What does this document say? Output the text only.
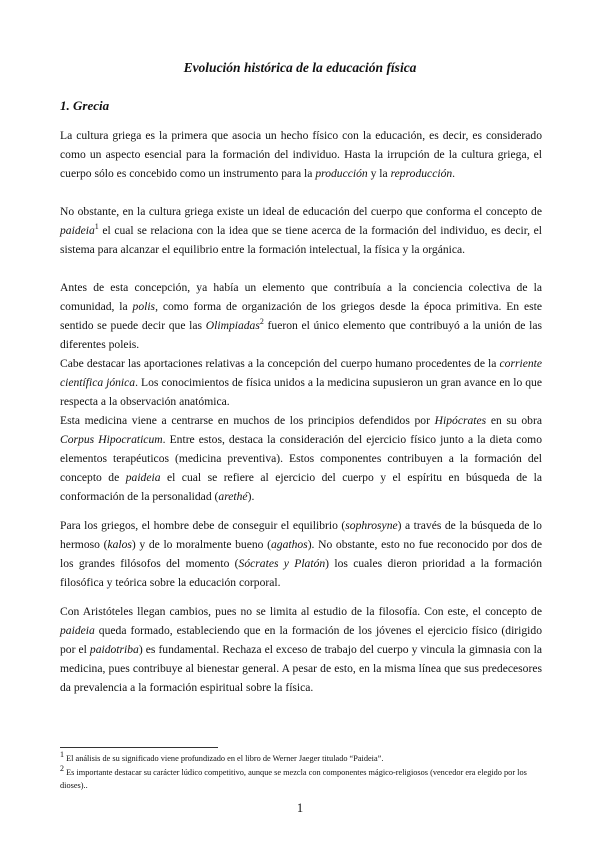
Evolución histórica de la educación física
1. Grecia

La cultura griega es la primera que asocia un hecho físico con la educación, es decir, es considerado como un aspecto esencial para la formación del individuo. Hasta la irrupción de la cultura griega, el cuerpo sólo es concebido como un instrumento para la producción y la reproducción.

No obstante, en la cultura griega existe un ideal de educación del cuerpo que conforma el concepto de paideia$^1$ el cual se relaciona con la idea que se tiene acerca de la formación del individuo, es decir, el sistema para alcanzar el equilibrio entre la formación intelectual, la física y la orgánica.

Antes de esta concepción, ya había un elemento que contribuía a la conciencia colectiva de la comunidad, la polis, como forma de organización de los griegos desde la época primitiva. En este sentido se puede decir que las Olimpiadas$^2$ fueron el único elemento que contribuyó a la unión de las diferentes poleis.

Cabe destacar las aportaciones relativas a la concepción del cuerpo humano procedentes de la corriente científica jónica. Los conocimientos de física unidos a la medicina supusieron un gran avance en lo que respecta a la observación anatómica.

Esta medicina viene a centrarse en muchos de los principios defendidos por Hipócrates en su obra Corpus Hipocraticum. Entre estos, destaca la consideración del ejercicio físico junto a la dieta como elementos terapéuticos (medicina preventiva). Estos componentes contribuyen a la formación del concepto de paideia el cual se refiere al ejercicio del cuerpo y el espíritu en búsqueda de la conformación de la personalidad (arethé).

Para los griegos, el hombre debe de conseguir el equilibrio (sophrosyne) a través de la búsqueda de lo hermoso (kalos) y de lo moralmente bueno (agathos). No obstante, esto no fue reconocido por dos de los grandes filósofos del momento (Sócrates y Platón) los cuales dieron prioridad a la formación filosófica y teórica sobre la educación corporal.

Con Aristóteles llegan cambios, pues no se limita al estudio de la filosofía. Con este, el concepto de paideia queda formado, estableciendo que en la formación de los jóvenes el ejercicio físico (dirigido por el paidotriba) es fundamental. Rechaza el exceso de trabajo del cuerpo y vincula la gimnasia con la medicina, pues contribuye al bienestar general. A pesar de esto, en la misma línea que sus predecesores da prevalencia a la formación espiritual sobre la física.

$^1$ El análisis de su significado viene profundizado en el libro de Werner Jaeger titulado “Paideia”.

$^2$ Es importante destacar su carácter lúdico competitivo, aunque se mezcla con componentes mágico-religiosos (vencedor era elegido por los dioses)..

1
